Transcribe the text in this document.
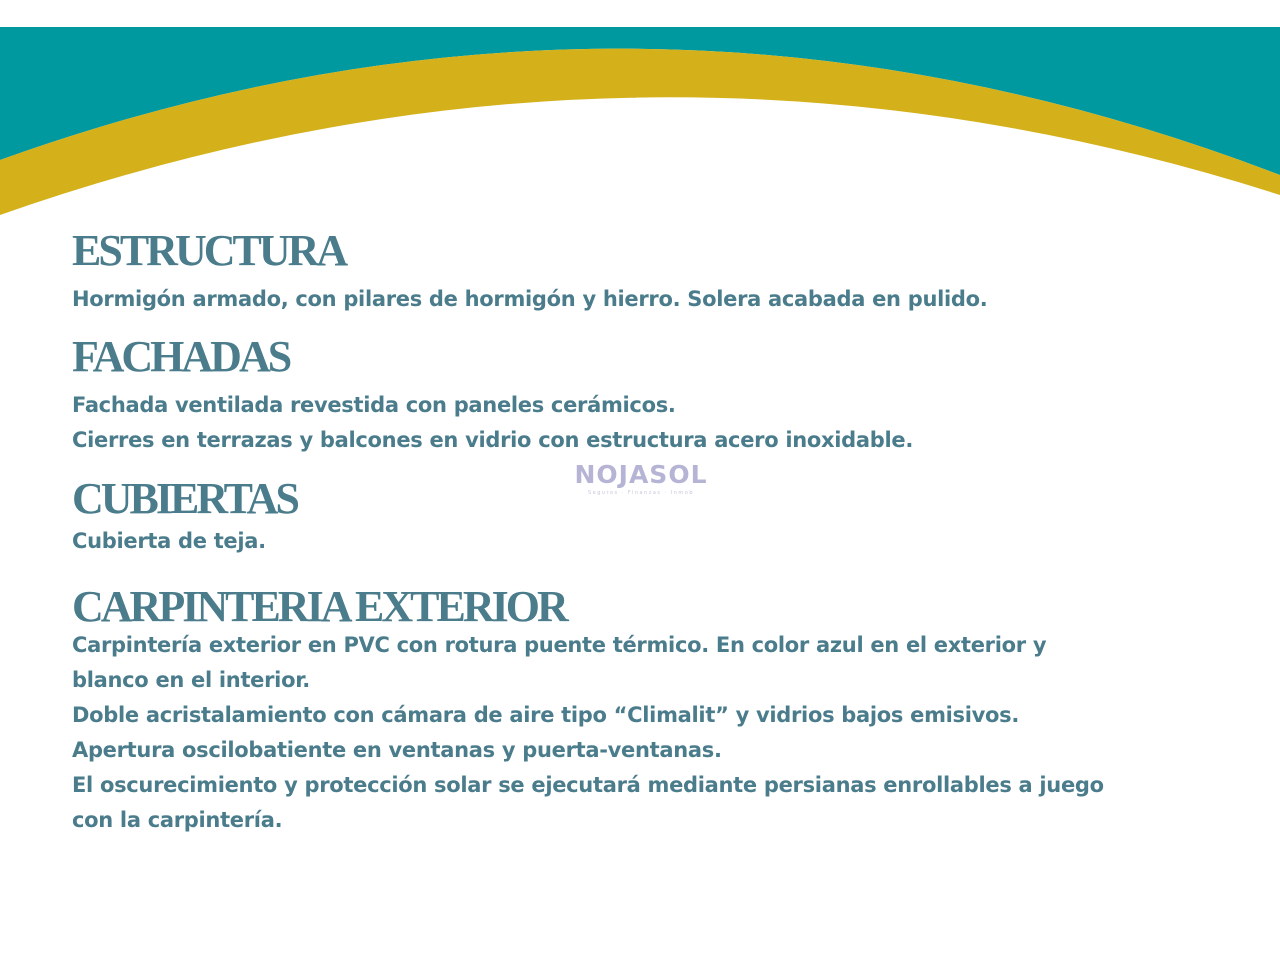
NOJASOL
Seguros · Finanzas · Inmob
ESTRUCTURA

Hormigón armado, con pilares de hormigón y hierro. Solera acabada en pulido.

FACHADAS

Fachada ventilada revestida con paneles cerámicos.

Cierres en terrazas y balcones en vidrio con estructura acero inoxidable.

CUBIERTAS

Cubierta de teja.

CARPINTERIA EXTERIOR

Carpintería exterior en PVC con rotura puente térmico. En color azul en el exterior y

blanco en el interior.

Doble acristalamiento con cámara de aire tipo “Climalit” y vidrios bajos emisivos.

Apertura oscilobatiente en ventanas y puerta-ventanas.

El oscurecimiento y protección solar se ejecutará mediante persianas enrollables a juego

con la carpintería.
